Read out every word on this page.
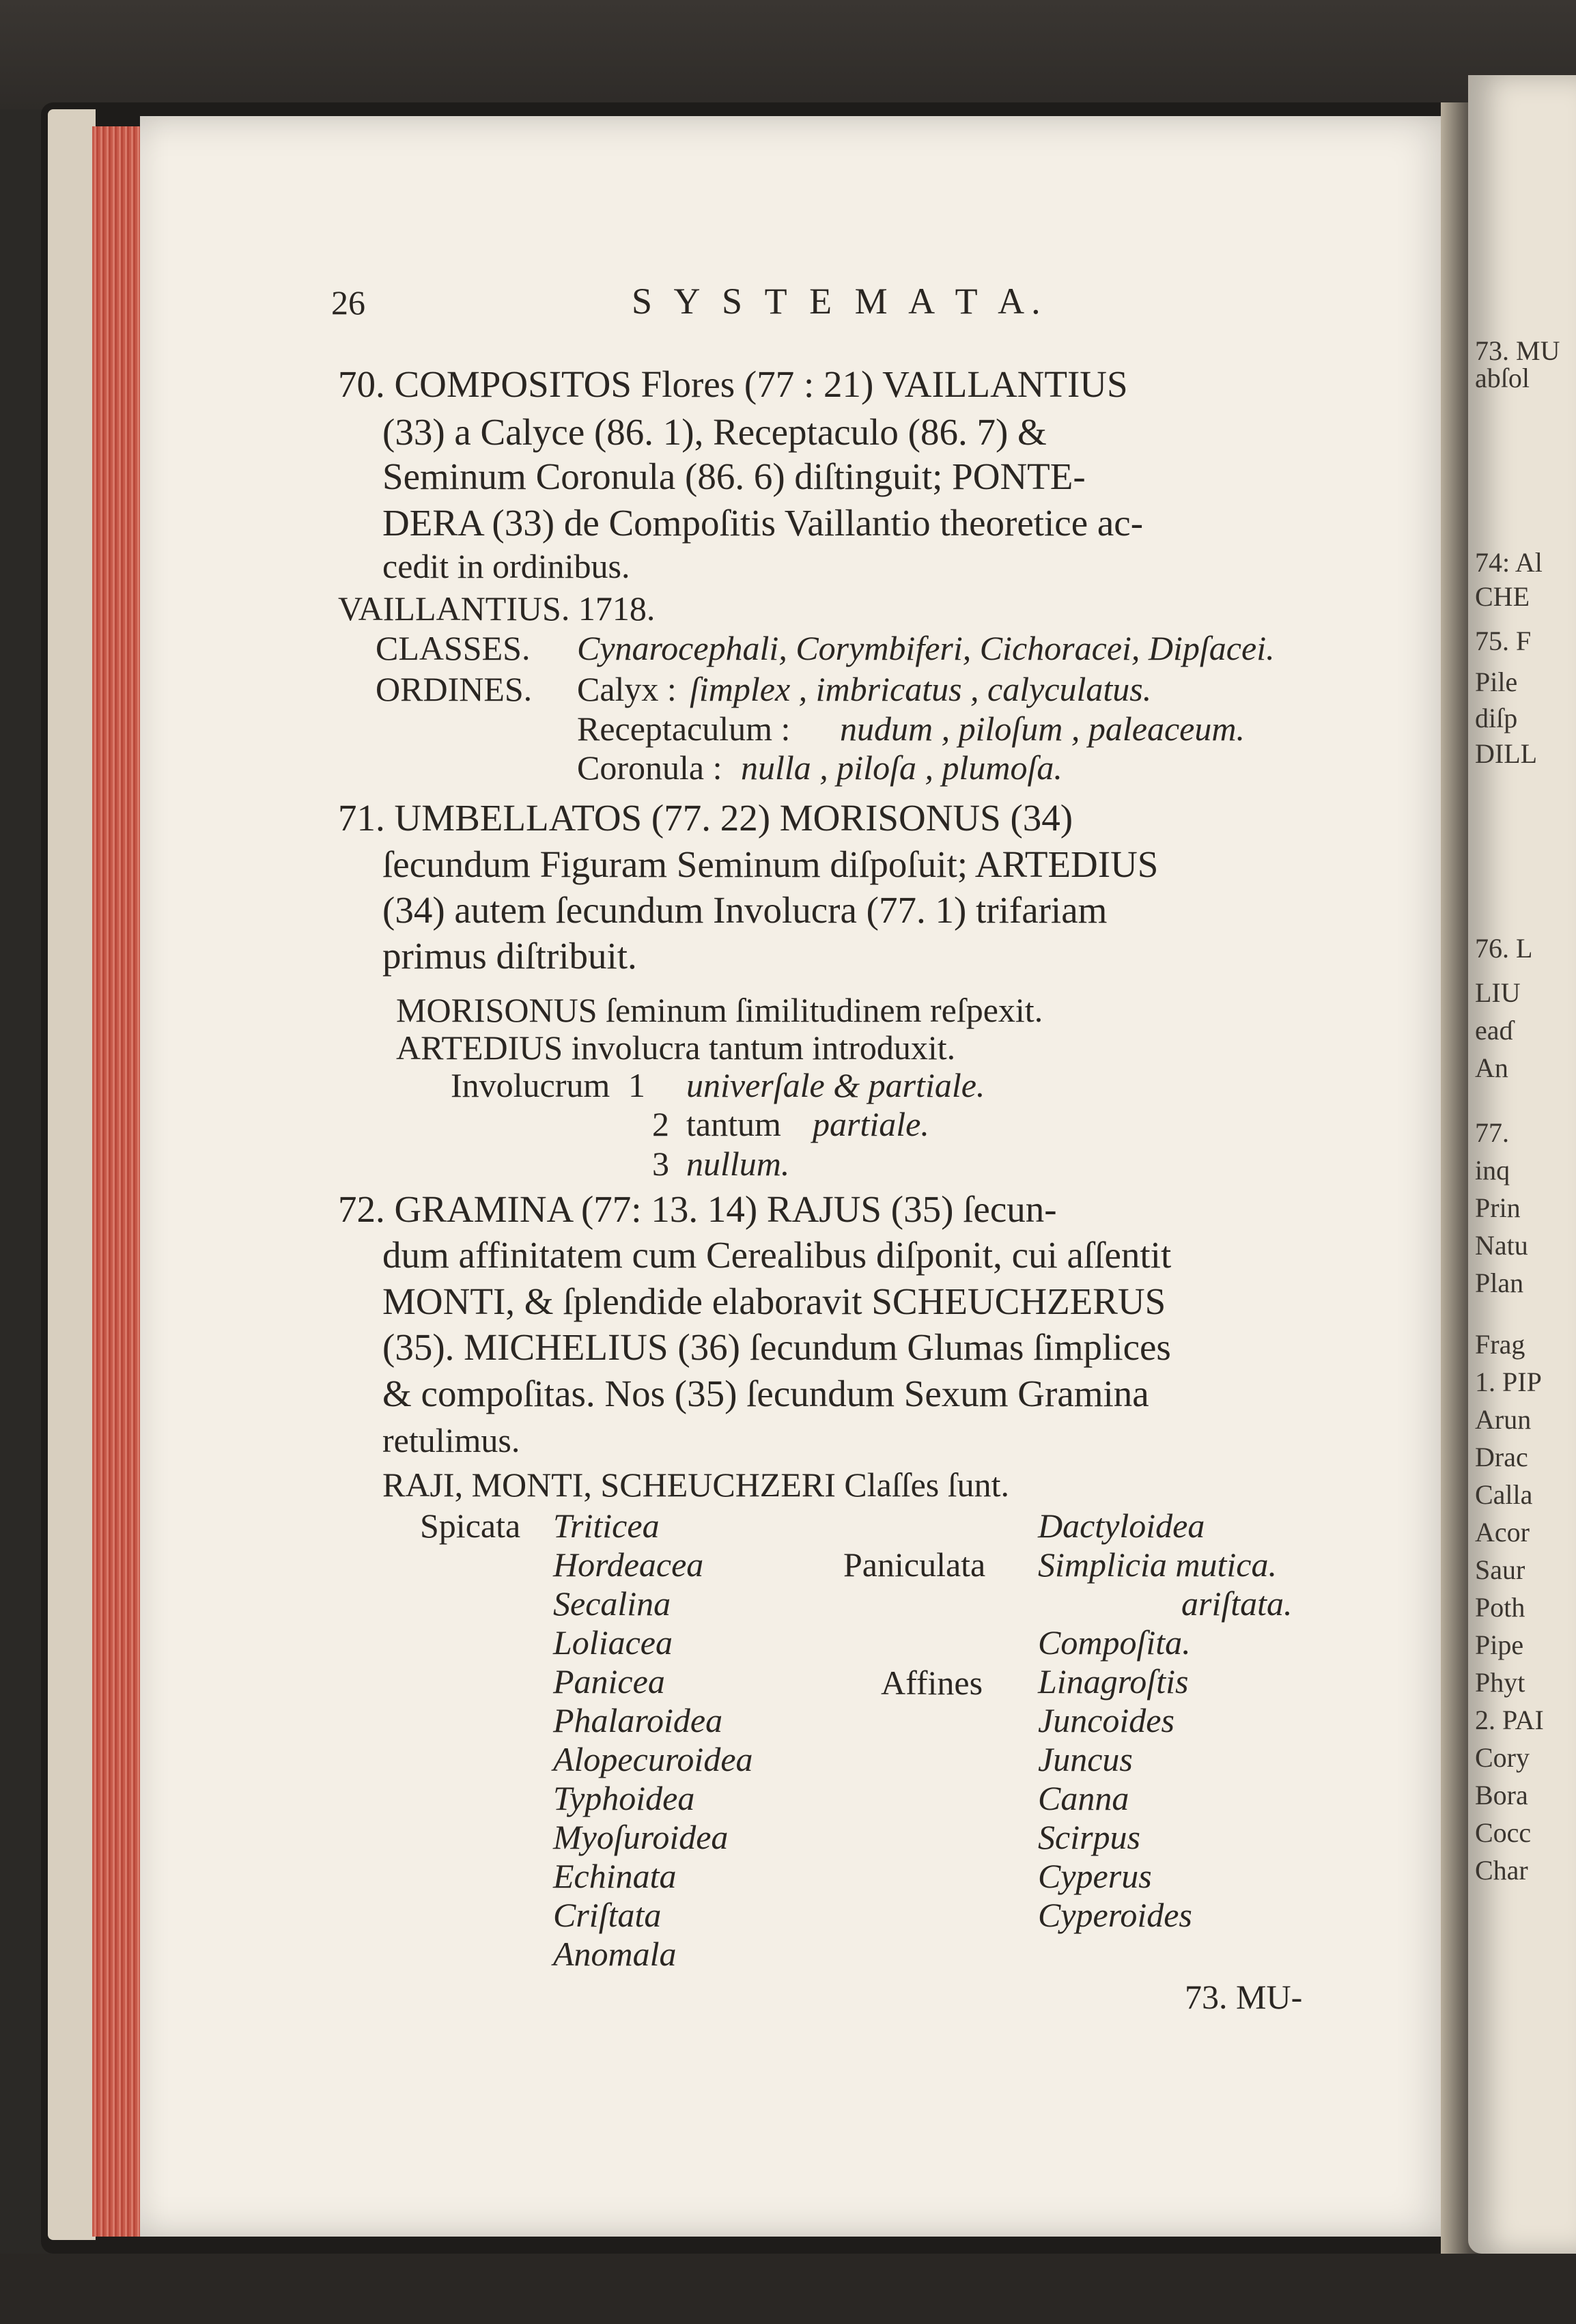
73. MU
abſol
74: Al
CHE
75. F
Pile
diſp
DILL
76. L
LIU
eaɗ
An
77.
inq
Prin
Natu
Plan
Frag
1. PIP
Arun
Drac
Calla
Acor
Saur
Poth
Pipe
Phyt
2. PAI
Cory
Bora
Cocc
Char
26	S Y S T E M A T A.
70. COMPOSITOS Flores (77 : 21) VAILLANTIUS
(33) a Calyce (86. 1), Receptaculo (86. 7) &
Seminum Coronula (86. 6) diſtinguit; PONTE-
DERA (33) de Compoſitis Vaillantio theoretice ac-
cedit in ordinibus.
VAILLANTIUS. 1718.
CLASSES. Cynarocephali, Corymbiferi, Cichoracei, Dipſacei.
ORDINES. Calyx : ſimplex , imbricatus , calyculatus.
Receptaculum : nudum , piloſum , paleaceum.
Coronula : nulla , piloſa , plumoſa.
71. UMBELLATOS (77. 22) MORISONUS (34)
ſecundum Figuram Seminum diſpoſuit; ARTEDIUS
(34) autem ſecundum Involucra (77. 1) trifariam
primus diſtribuit.
MORISONUS ſeminum ſimilitudinem reſpexit.
ARTEDIUS involucra tantum introduxit.
Involucrum 1 univerſale & partiale.
2 tantum partiale.
3 nullum.
72. GRAMINA (77: 13. 14) RAJUS (35) ſecun-
dum affinitatem cum Cerealibus diſponit, cui aſſentit
MONTI, & ſplendide elaboravit SCHEUCHZERUS
(35). MICHELIUS (36) ſecundum Glumas ſimplices
& compoſitas. Nos (35) ſecundum Sexum Gramina
retulimus.
RAJI, MONTI, SCHEUCHZERI Claſſes ſunt.
Spicata
Paniculata
Affines
Triticea
Hordeacea
Secalina
Loliacea
Panicea
Phalaroidea
Alopecuroidea
Typhoidea
Myoſuroidea
Echinata
Criſtata
Anomala
Dactyloidea
Simplicia mutica.
ariſtata.
Compoſita.
Linagroſtis
Juncoides
Juncus
Canna
Scirpus
Cyperus
Cyperoides
73. MU-
